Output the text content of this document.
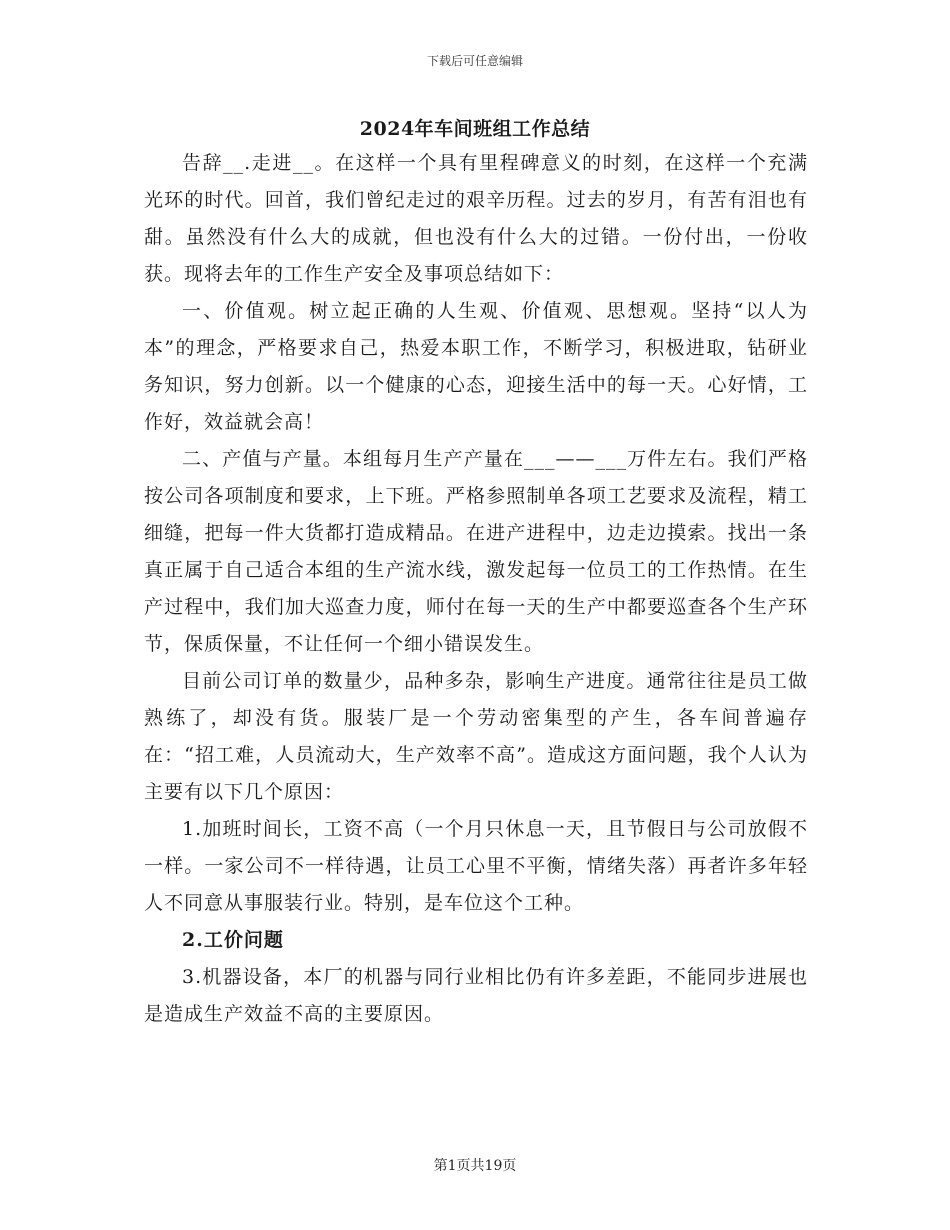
下载后可任意编辑
2024年车间班组工作总结

告辞__.走进__。在这样一个具有里程碑意义的时刻，在这样一个充满光环的时代。回首，我们曾纪走过的艰辛历程。过去的岁月，有苦有泪也有甜。虽然没有什么大的成就，但也没有什么大的过错。一份付出，一份收获。现将去年的工作生产安全及事项总结如下：

一、价值观。树立起正确的人生观、价值观、思想观。坚持“以人为本”的理念，严格要求自己，热爱本职工作，不断学习，积极进取，钻研业务知识，努力创新。以一个健康的心态，迎接生活中的每一天。心好情，工作好，效益就会高！

二、产值与产量。本组每月生产产量在___——___万件左右。我们严格按公司各项制度和要求，上下班。严格参照制单各项工艺要求及流程，精工细缝，把每一件大货都打造成精品。在进产进程中，边走边摸索。找出一条真正属于自己适合本组的生产流水线，激发起每一位员工的工作热情。在生产过程中，我们加大巡查力度，师付在每一天的生产中都要巡查各个生产环节，保质保量，不让任何一个细小错误发生。

目前公司订单的数量少，品种多杂，影响生产进度。通常往往是员工做熟练了，却没有货。服装厂是一个劳动密集型的产生，各车间普遍存在：“招工难，人员流动大，生产效率不高”。造成这方面问题，我个人认为主要有以下几个原因：

1.加班时间长，工资不高（一个月只休息一天，且节假日与公司放假不一样。一家公司不一样待遇，让员工心里不平衡，情绪失落）再者许多年轻人不同意从事服装行业。特别，是车位这个工种。

2.工价问题

3.机器设备，本厂的机器与同行业相比仍有许多差距，不能同步进展也是造成生产效益不高的主要原因。

第1页共19页
